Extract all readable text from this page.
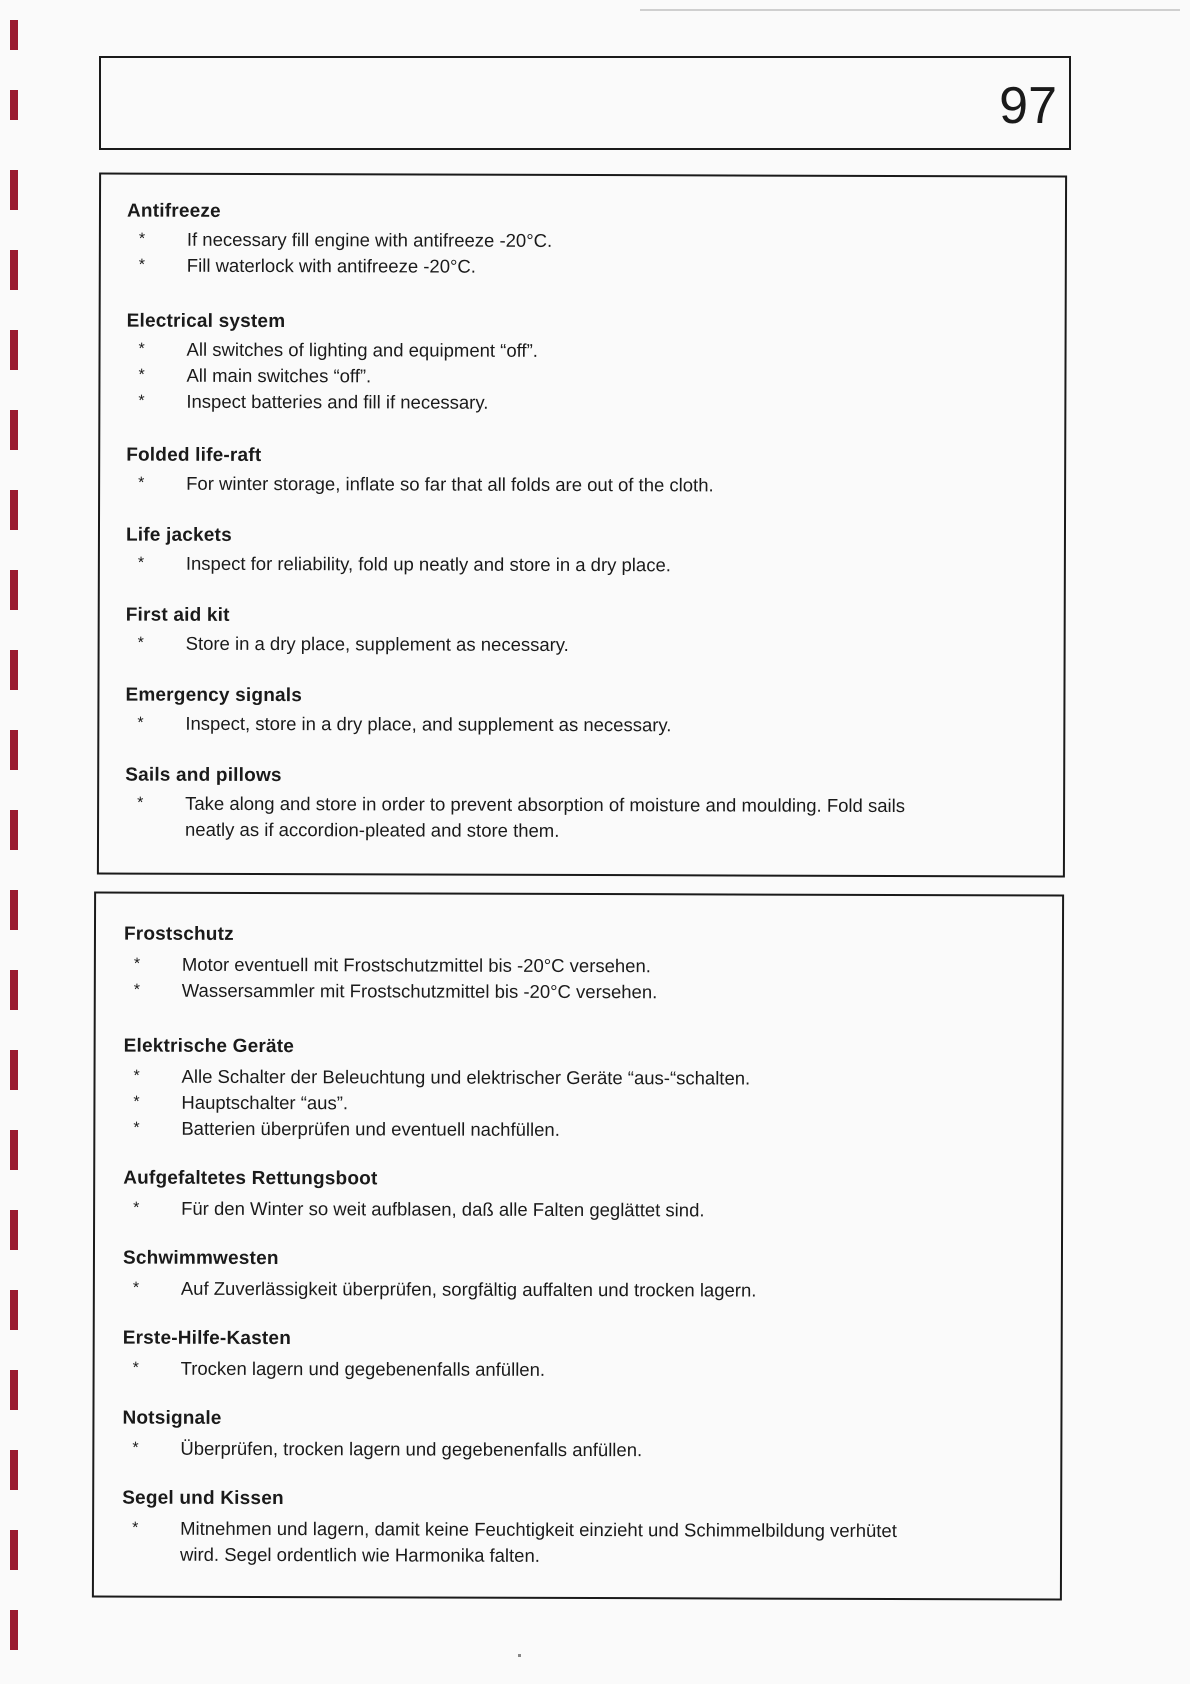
97
Antifreeze
* If necessary fill engine with antifreeze -20°C.
* Fill waterlock with antifreeze -20°C.
Electrical system
* All switches of lighting and equipment “off”.
* All main switches “off”.
* Inspect batteries and fill if necessary.
Folded life-raft
* For winter storage, inflate so far that all folds are out of the cloth.
Life jackets
* Inspect for reliability, fold up neatly and store in a dry place.
First aid kit
* Store in a dry place, supplement as necessary.
Emergency signals
* Inspect, store in a dry place, and supplement as necessary.
Sails and pillows
* Take along and store in order to prevent absorption of moisture and moulding. Fold sails neatly as if accordion-pleated and store them.
Frostschutz
* Motor eventuell mit Frostschutzmittel bis -20°C versehen.
* Wassersammler mit Frostschutzmittel bis -20°C versehen.
Elektrische Geräte
* Alle Schalter der Beleuchtung und elektrischer Geräte “aus-“schalten.
* Hauptschalter “aus”.
* Batterien überprüfen und eventuell nachfüllen.
Aufgefaltetes Rettungsboot
* Für den Winter so weit aufblasen, daß alle Falten geglättet sind.
Schwimmwesten
* Auf Zuverlässigkeit überprüfen, sorgfältig auffalten und trocken lagern.
Erste-Hilfe-Kasten
* Trocken lagern und gegebenenfalls anfüllen.
Notsignale
* Überprüfen, trocken lagern und gegebenenfalls anfüllen.
Segel und Kissen
* Mitnehmen und lagern, damit keine Feuchtigkeit einzieht und Schimmelbildung verhütet wird. Segel ordentlich wie Harmonika falten.
